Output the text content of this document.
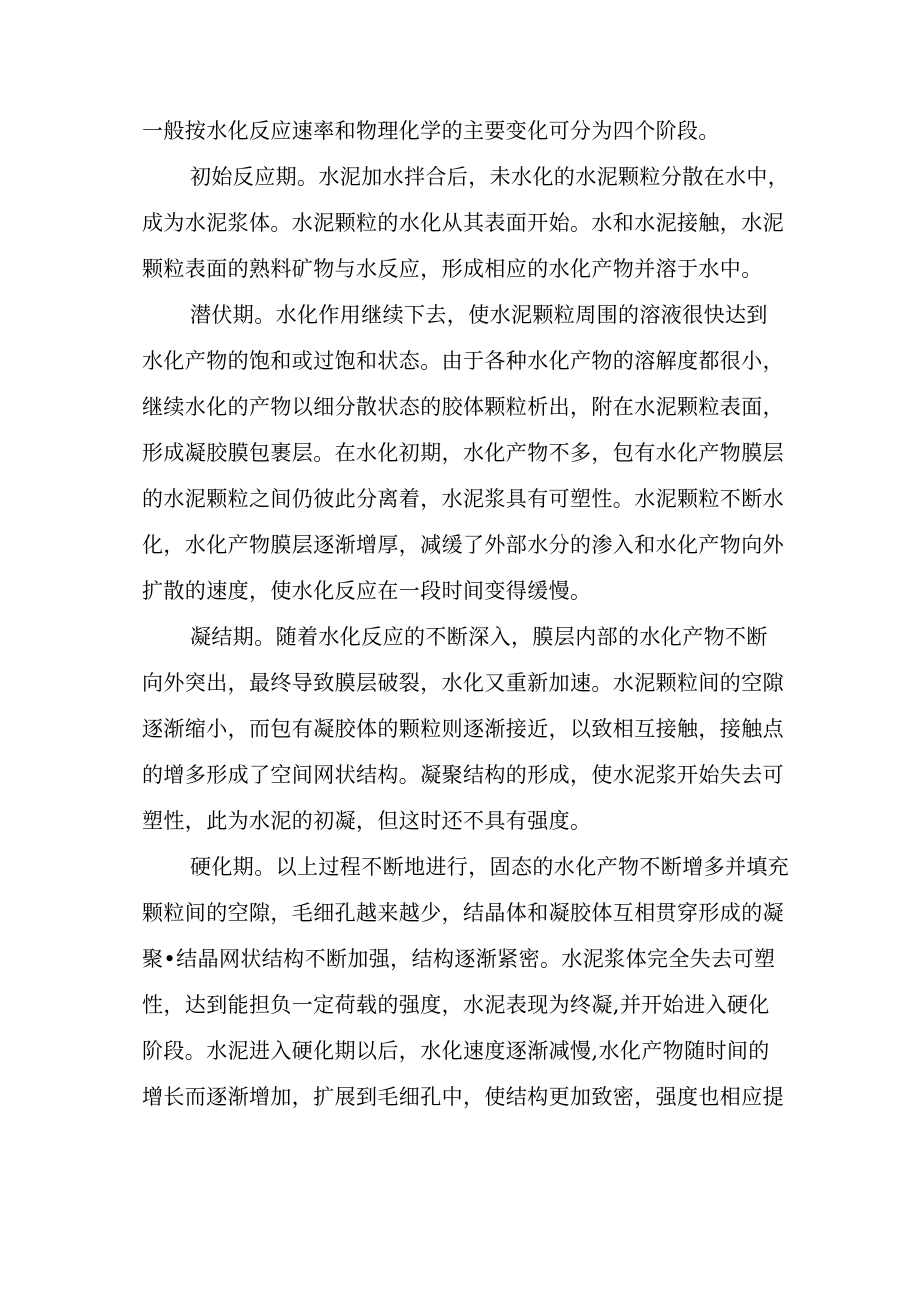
一般按水化反应速率和物理化学的主要变化可分为四个阶段。
初始反应期。水泥加水拌合后，未水化的水泥颗粒分散在水中，
成为水泥浆体。水泥颗粒的水化从其表面开始。水和水泥接触，水泥
颗粒表面的熟料矿物与水反应，形成相应的水化产物并溶于水中。
潜伏期。水化作用继续下去，使水泥颗粒周围的溶液很快达到
水化产物的饱和或过饱和状态。由于各种水化产物的溶解度都很小，
继续水化的产物以细分散状态的胶体颗粒析出，附在水泥颗粒表面，
形成凝胶膜包裹层。在水化初期，水化产物不多，包有水化产物膜层
的水泥颗粒之间仍彼此分离着，水泥浆具有可塑性。水泥颗粒不断水
化，水化产物膜层逐渐增厚，减缓了外部水分的渗入和水化产物向外
扩散的速度，使水化反应在一段时间变得缓慢。
凝结期。随着水化反应的不断深入，膜层内部的水化产物不断
向外突出，最终导致膜层破裂，水化又重新加速。水泥颗粒间的空隙
逐渐缩小，而包有凝胶体的颗粒则逐渐接近，以致相互接触，接触点
的增多形成了空间网状结构。凝聚结构的形成，使水泥浆开始失去可
塑性，此为水泥的初凝，但这时还不具有强度。
硬化期。以上过程不断地进行，固态的水化产物不断增多并填充
颗粒间的空隙，毛细孔越来越少，结晶体和凝胶体互相贯穿形成的凝
聚•结晶网状结构不断加强，结构逐渐紧密。水泥浆体完全失去可塑
性，达到能担负一定荷载的强度，水泥表现为终凝,并开始进入硬化
阶段。水泥进入硬化期以后，水化速度逐渐减慢,水化产物随时间的
增长而逐渐增加，扩展到毛细孔中，使结构更加致密，强度也相应提
